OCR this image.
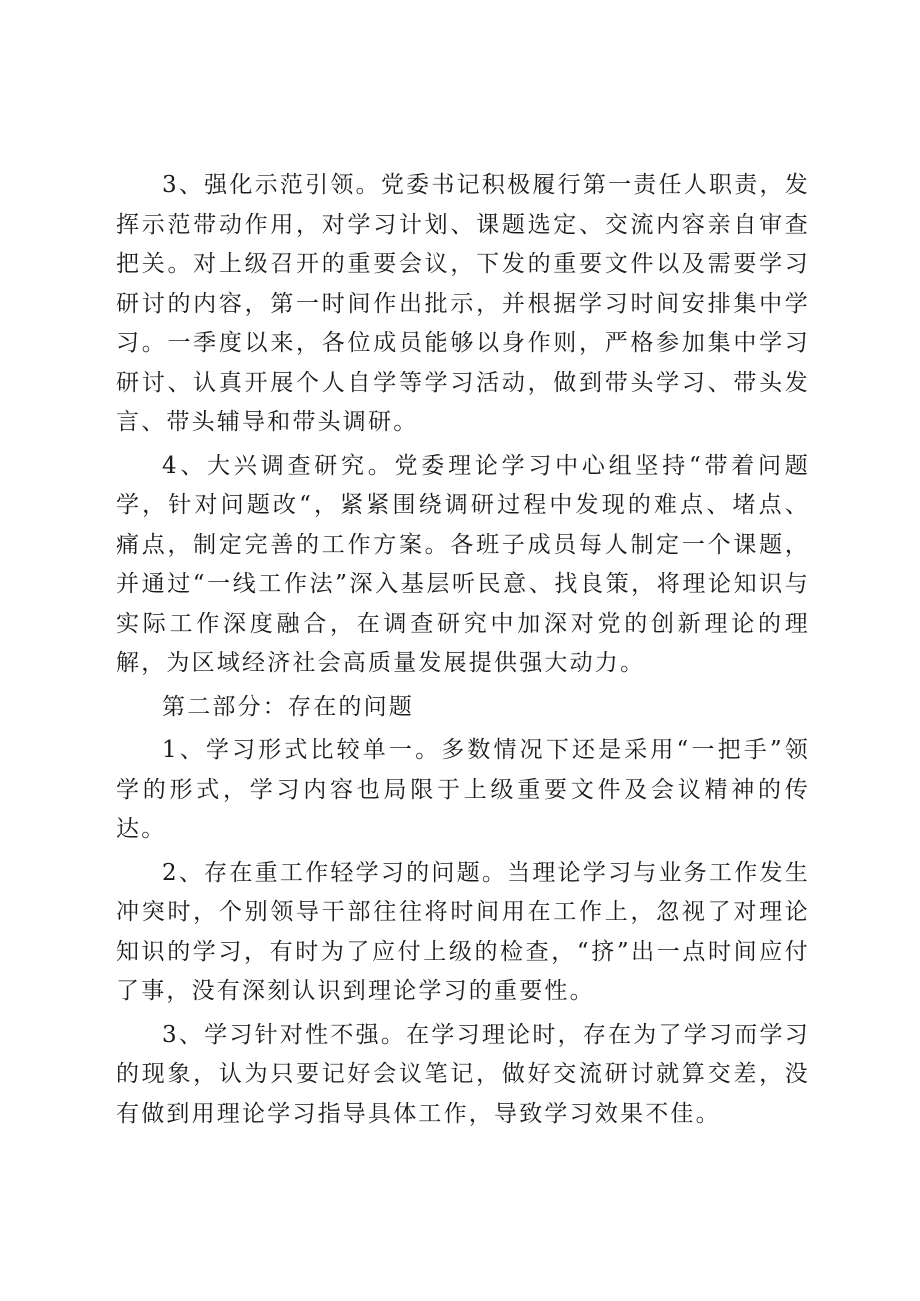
3、强化示范引领。党委书记积极履行第一责任人职责，发挥示范带动作用，对学习计划、课题选定、交流内容亲自审查把关。对上级召开的重要会议，下发的重要文件以及需要学习研讨的内容，第一时间作出批示，并根据学习时间安排集中学习。一季度以来，各位成员能够以身作则，严格参加集中学习研讨、认真开展个人自学等学习活动，做到带头学习、带头发言、带头辅导和带头调研。

4、大兴调查研究。党委理论学习中心组坚持“带着问题学，针对问题改“，紧紧围绕调研过程中发现的难点、堵点、痛点，制定完善的工作方案。各班子成员每人制定一个课题，并通过“一线工作法”深入基层听民意、找良策，将理论知识与实际工作深度融合，在调查研究中加深对党的创新理论的理解，为区域经济社会高质量发展提供强大动力。

第二部分：存在的问题

1、学习形式比较单一。多数情况下还是采用“一把手”领学的形式，学习内容也局限于上级重要文件及会议精神的传达。

2、存在重工作轻学习的问题。当理论学习与业务工作发生冲突时，个别领导干部往往将时间用在工作上，忽视了对理论知识的学习，有时为了应付上级的检查，“挤”出一点时间应付了事，没有深刻认识到理论学习的重要性。

3、学习针对性不强。在学习理论时，存在为了学习而学习的现象，认为只要记好会议笔记，做好交流研讨就算交差，没有做到用理论学习指导具体工作，导致学习效果不佳。
